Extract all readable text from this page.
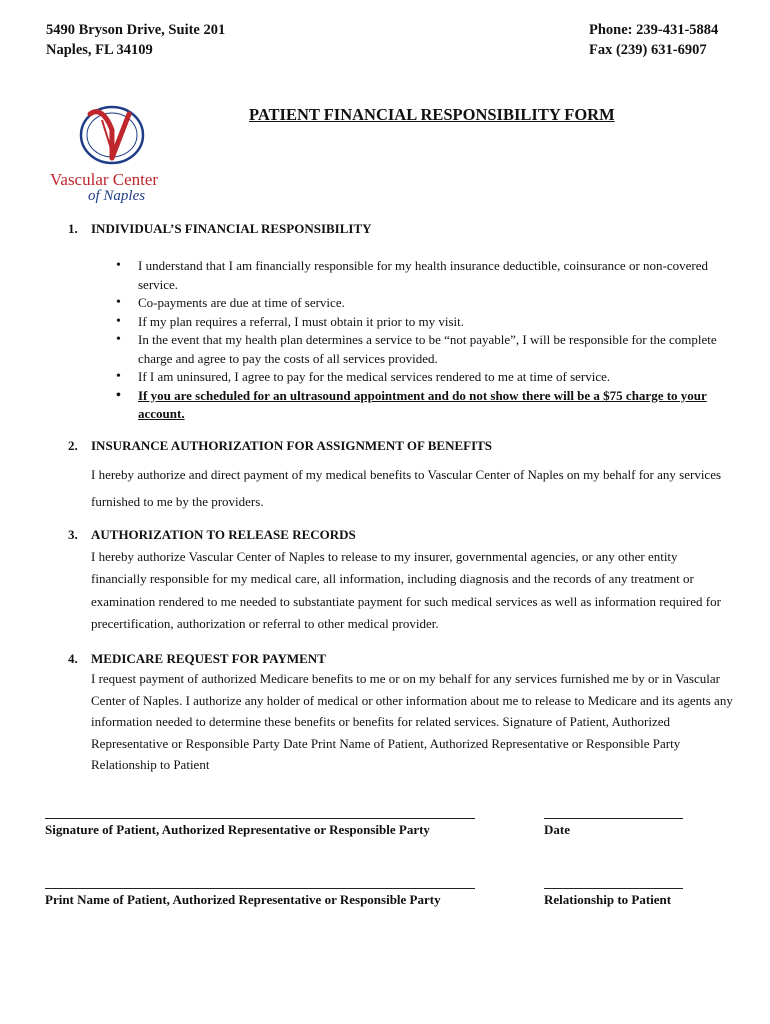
5490 Bryson Drive, Suite 201
Naples, FL 34109
Phone: 239-431-5884
Fax (239) 631-6907
Vascular Center
of Naples
PATIENT FINANCIAL RESPONSIBILITY FORM
1. INDIVIDUAL’S FINANCIAL RESPONSIBILITY
• I understand that I am financially responsible for my health insurance deductible, coinsurance or non-covered service.
• Co-payments are due at time of service.
• If my plan requires a referral, I must obtain it prior to my visit.
• In the event that my health plan determines a service to be “not payable”, I will be responsible for the complete charge and agree to pay the costs of all services provided.
• If I am uninsured, I agree to pay for the medical services rendered to me at time of service.
• If you are scheduled for an ultrasound appointment and do not show there will be a $75 charge to your account.
2. INSURANCE AUTHORIZATION FOR ASSIGNMENT OF BENEFITS
I hereby authorize and direct payment of my medical benefits to Vascular Center of Naples on my behalf for any services furnished to me by the providers.
3. AUTHORIZATION TO RELEASE RECORDS
I hereby authorize Vascular Center of Naples to release to my insurer, governmental agencies, or any other entity financially responsible for my medical care, all information, including diagnosis and the records of any treatment or examination rendered to me needed to substantiate payment for such medical services as well as information required for precertification, authorization or referral to other medical provider.
4. MEDICARE REQUEST FOR PAYMENT
I request payment of authorized Medicare benefits to me or on my behalf for any services furnished me by or in Vascular Center of Naples. I authorize any holder of medical or other information about me to release to Medicare and its agents any information needed to determine these benefits or benefits for related services. Signature of Patient, Authorized Representative or Responsible Party Date Print Name of Patient, Authorized Representative or Responsible Party Relationship to Patient
Signature of Patient, Authorized Representative or Responsible Party	Date
Print Name of Patient, Authorized Representative or Responsible Party	Relationship to Patient
